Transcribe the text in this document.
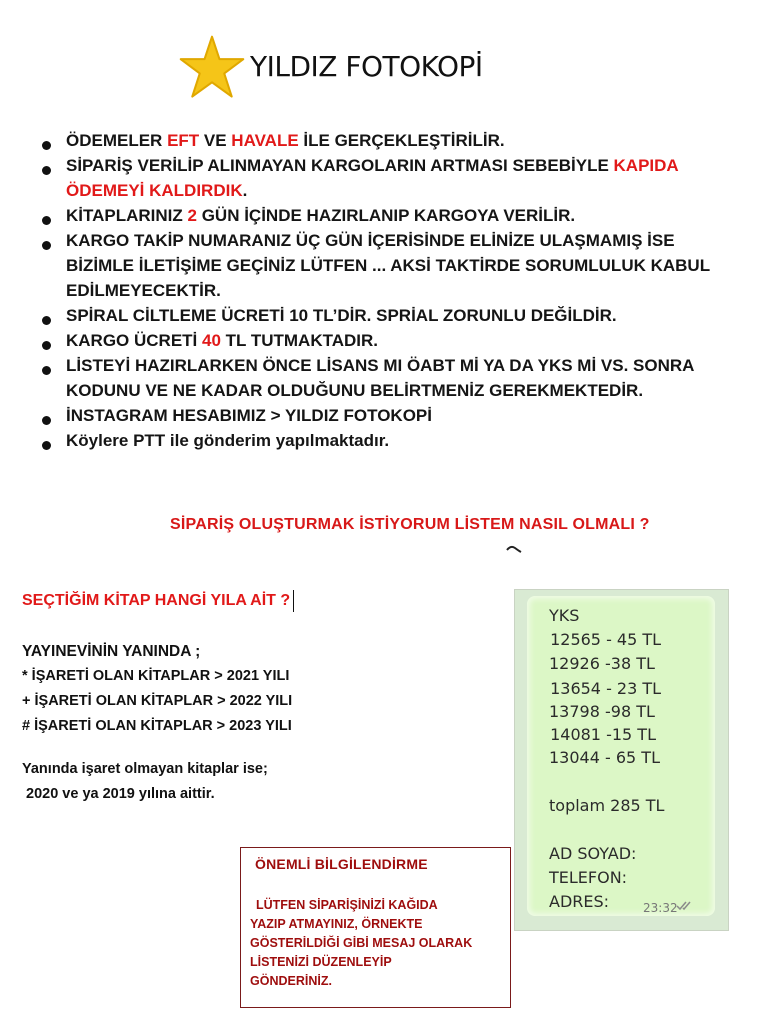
YILDIZ FOTOKOPİ
ÖDEMELER EFT VE HAVALE İLE GERÇEKLEŞTİRİLİR.
SİPARİŞ VERİLİP ALINMAYAN KARGOLARIN ARTMASI SEBEBİYLE KAPIDA ÖDEMEYİ KALDIRDIK.
KİTAPLARINIZ 2 GÜN İÇİNDE HAZIRLANIP KARGOYA VERİLİR.
KARGO TAKİP NUMARANIZ ÜÇ GÜN İÇERİSİNDE ELİNİZE ULAŞMAMIŞ İSE BİZİMLE İLETİŞİME GEÇİNİZ LÜTFEN ... AKSİ TAKTİRDE SORUMLULUK KABUL EDİLMEYECEKTİR.
SPİRAL CİLTLEME ÜCRETİ 10 TL’DİR. SPRİAL ZORUNLU DEĞİLDİR.
KARGO ÜCRETİ 40 TL TUTMAKTADIR.
LİSTEYİ HAZIRLARKEN ÖNCE LİSANS MI ÖABT Mİ YA DA YKS Mİ VS. SONRA KODUNU VE NE KADAR OLDUĞUNU BELİRTMENİZ GEREKMEKTEDİR.
İNSTAGRAM HESABIMIZ > YILDIZ FOTOKOPİ
Köylere PTT ile gönderim yapılmaktadır.
SİPARİŞ OLUŞTURMAK İSTİYORUM LİSTEM NASIL OLMALI ?
SEÇTİĞİM KİTAP HANGİ YILA AİT ?
YAYINEVİNİN YANINDA ;
* İŞARETİ OLAN KİTAPLAR > 2021 YILI
+ İŞARETİ OLAN KİTAPLAR > 2022 YILI
# İŞARETİ OLAN KİTAPLAR > 2023 YILI
Yanında işaret olmayan kitaplar ise;
2020 ve ya 2019 yılına aittir.
YKS
12565 - 45 TL
12926 -38 TL
13654 - 23 TL
13798 -98 TL
14081 -15 TL
13044 - 65 TL
toplam 285 TL
AD SOYAD:
TELEFON:
ADRES:	23:32
ÖNEMLİ BİLGİLENDİRME
LÜTFEN SİPARİŞİNİZİ KAĞIDA
YAZIP ATMAYINIZ, ÖRNEKTE
GÖSTERİLDİĞİ GİBİ MESAJ OLARAK
LİSTENİZİ DÜZENLEYİP
GÖNDERİNİZ.
